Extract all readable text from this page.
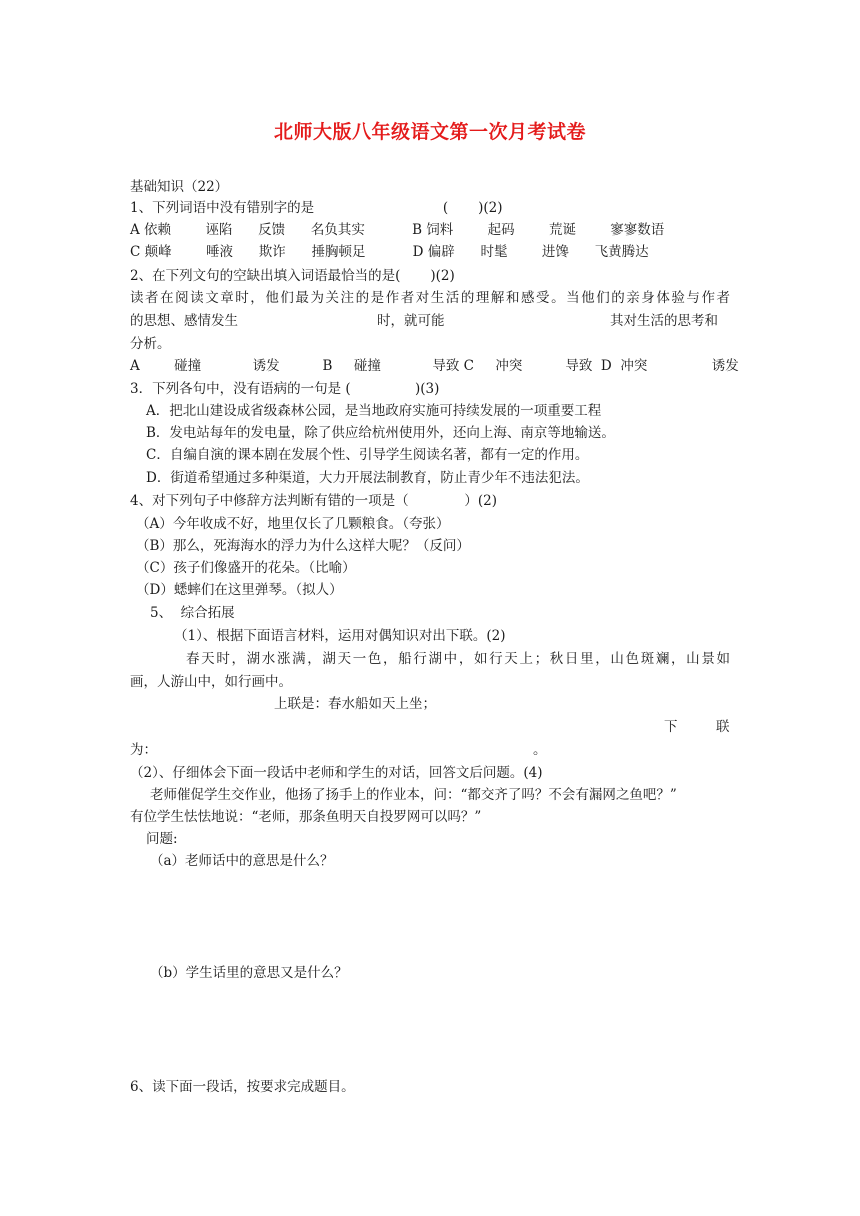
北师大版八年级语文第一次月考试卷
基础知识（22）
1、下列词语中没有错别字的是                              (       )(2)
A 依赖        诬陷      反馈      名负其实           B 饲料        起码        荒诞        寥寥数语
C 颠峰        唾液      欺诈      捶胸顿足           D 偏辟      时髦        进馋      飞黄腾达
2、在下列文句的空缺出填入词语最恰当的是(       )(2)
读者在阅读文章时，他们最为关注的是作者对生活的理解和感受。当他们的亲身体验与作者
的思想、感情发生	时，就可能	其对生活的思考和
分析。
A        碰撞            诱发          B     碰撞            导致 C     冲突          导致  D  冲突               诱发
3．下列各句中，没有语病的一句是 (               )(3)
A．把北山建设成省级森林公园，是当地政府实施可持续发展的一项重要工程
B．发电站每年的发电量，除了供应给杭州使用外，还向上海、南京等地输送。
C．自编自演的课本剧在发展个性、引导学生阅读名著，都有一定的作用。
D．街道希望通过多种渠道，大力开展法制教育，防止青少年不违法犯法。
4、对下列句子中修辞方法判断有错的一项是（             ）(2)
（A）今年收成不好，地里仅长了几颗粮食。（夸张）
（B）那么，死海海水的浮力为什么这样大呢？（反问）
（C）孩子们像盛开的花朵。（比喻）
（D）蟋蟀们在这里弹琴。（拟人）
5、  综合拓展
（1）、根据下面语言材料，运用对偶知识对出下联。(2)
春天时，湖水涨满，湖天一色，船行湖中，如行天上；秋日里，山色斑斓，山景如
画，人游山中，如行画中。
上联是：春水船如天上坐；
下	联
为：	。
（2）、仔细体会下面一段话中老师和学生的对话，回答文后问题。(4)
老师催促学生交作业，他扬了扬手上的作业本，问：“都交齐了吗？不会有漏网之鱼吧？”
有位学生怯怯地说：“老师，那条鱼明天自投罗网可以吗？”
问题:
（a）老师话中的意思是什么？
（b）学生话里的意思又是什么？
6、读下面一段话，按要求完成题目。
